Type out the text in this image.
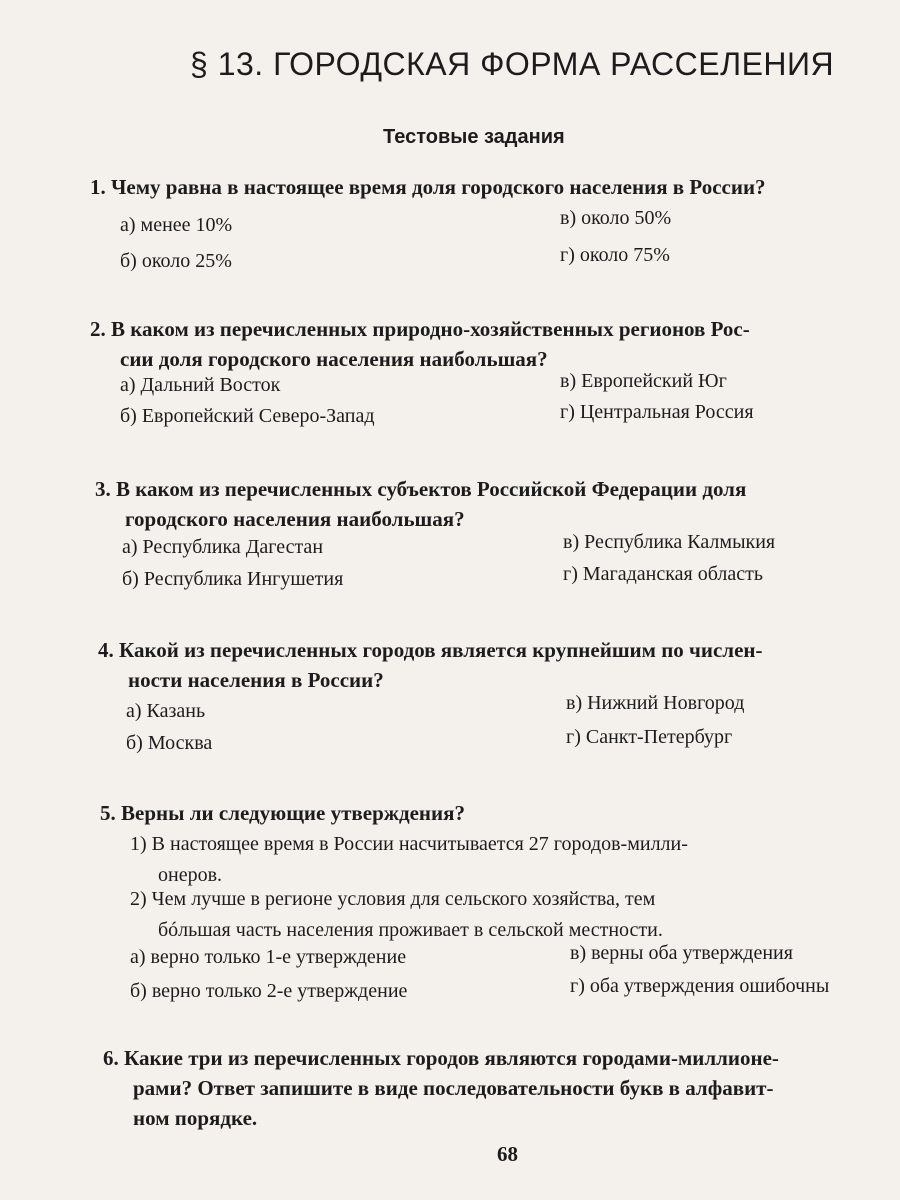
§ 13. ГОРОДСКАЯ ФОРМА РАССЕЛЕНИЯ
Тестовые задания
1. Чему равна в настоящее время доля городского населения в России?
а) менее 10%
б) около 25%
в) около 50%
г) около 75%
2. В каком из перечисленных природно-хозяйственных регионов Рос-
сии доля городского населения наибольшая?
а) Дальний Восток
б) Европейский Северо-Запад
в) Европейский Юг
г) Центральная Россия
3. В каком из перечисленных субъектов Российской Федерации доля
городского населения наибольшая?
а) Республика Дагестан
б) Республика Ингушетия
в) Республика Калмыкия
г) Магаданская область
4. Какой из перечисленных городов является крупнейшим по числен-
ности населения в России?
а) Казань
б) Москва
в) Нижний Новгород
г) Санкт-Петербург
5. Верны ли следующие утверждения?
1) В настоящее время в России насчитывается 27 городов-милли-
онеров.
2) Чем лучше в регионе условия для сельского хозяйства, тем
бóльшая часть населения проживает в сельской местности.
а) верно только 1-е утверждение
б) верно только 2-е утверждение
в) верны оба утверждения
г) оба утверждения ошибочны
6. Какие три из перечисленных городов являются городами-миллионе-
рами? Ответ запишите в виде последовательности букв в алфавит-
ном порядке.
68
